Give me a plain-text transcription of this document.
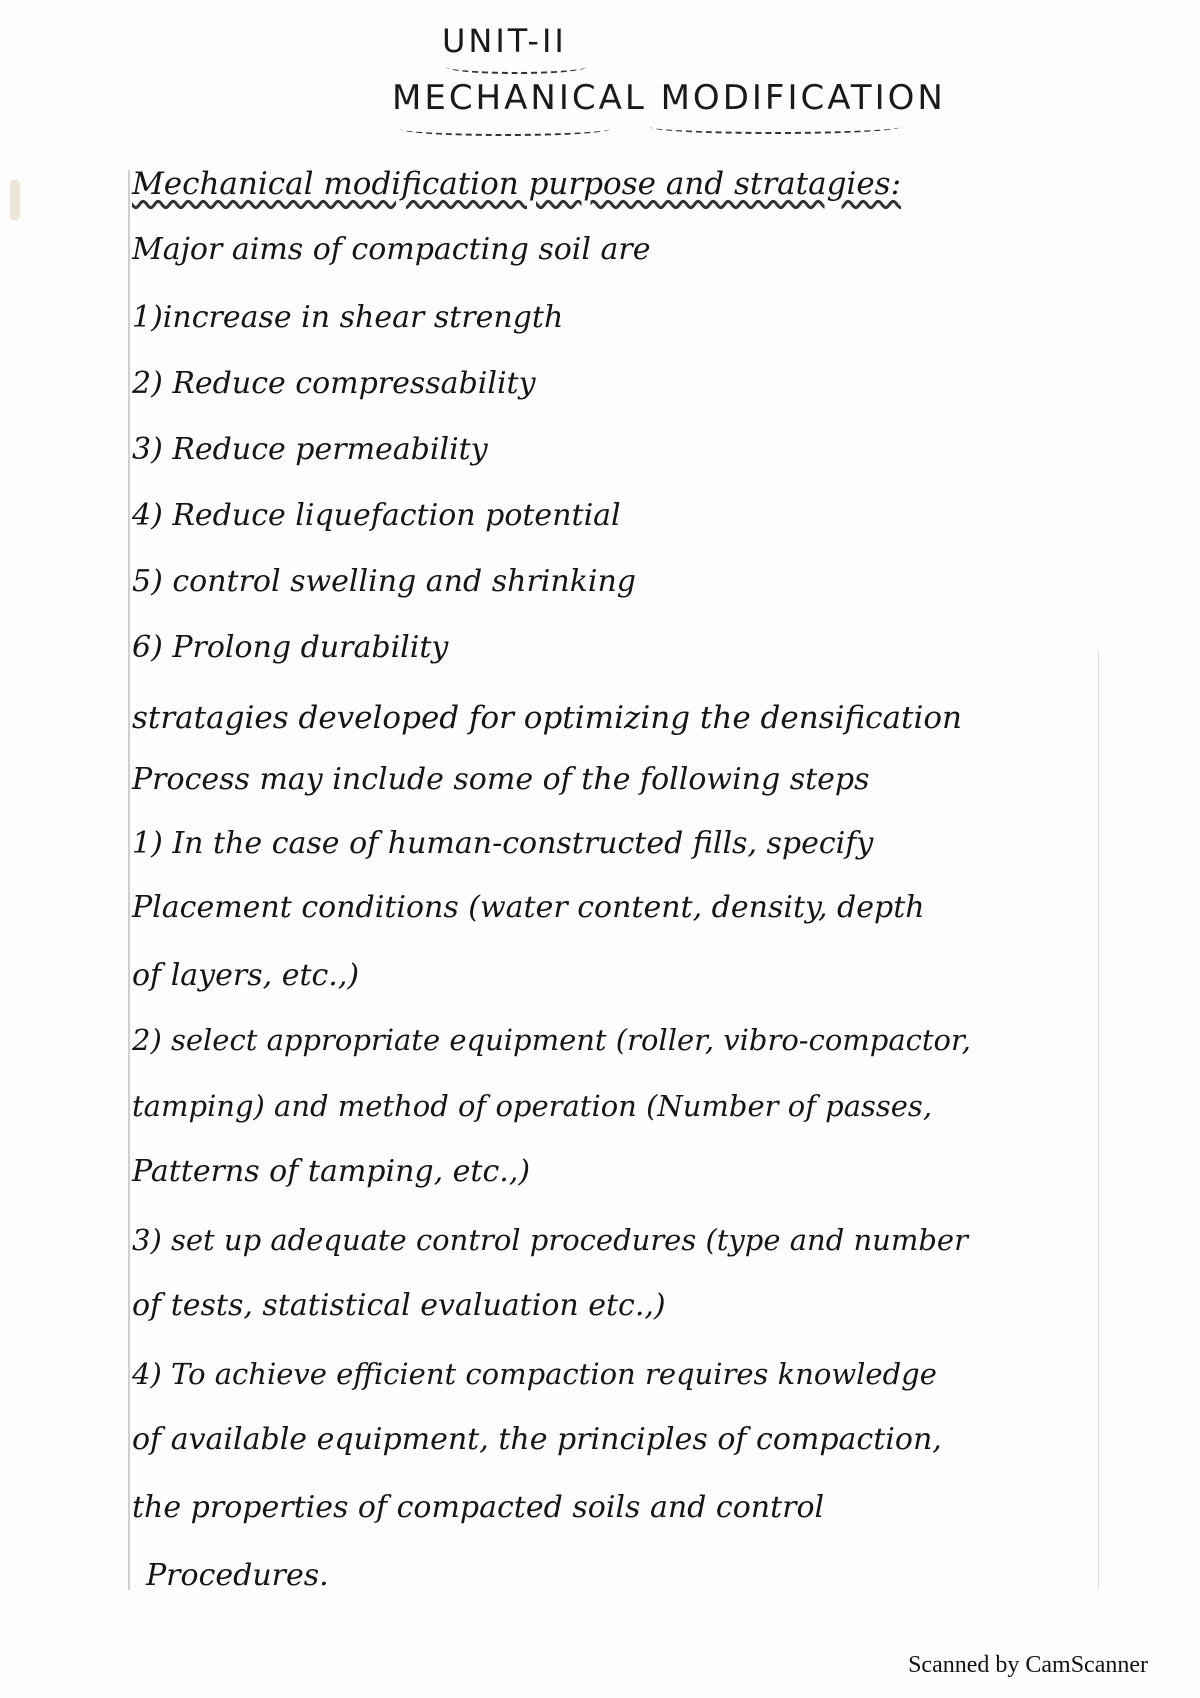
UNIT-II
MECHANICAL MODIFICATION
Mechanical modification purpose and stratagies:
Major aims of compacting soil are
1)increase in shear strength
2) Reduce compressability
3) Reduce permeability
4) Reduce liquefaction potential
5) control swelling and shrinking
6) Prolong durability
stratagies developed for optimizing the densification
Process may include some of the following steps
1) In the case of human-constructed fills, specify
Placement conditions (water content, density, depth
of layers, etc.,)
2) select appropriate equipment (roller, vibro-compactor,
tamping) and method of operation (Number of passes,
Patterns of tamping, etc.,)
3) set up adequate control procedures (type and number
of tests, statistical evaluation etc.,)
4) To achieve efficient compaction requires knowledge
of available equipment, the principles of compaction,
the properties of compacted soils and control
Procedures.
Scanned by CamScanner
